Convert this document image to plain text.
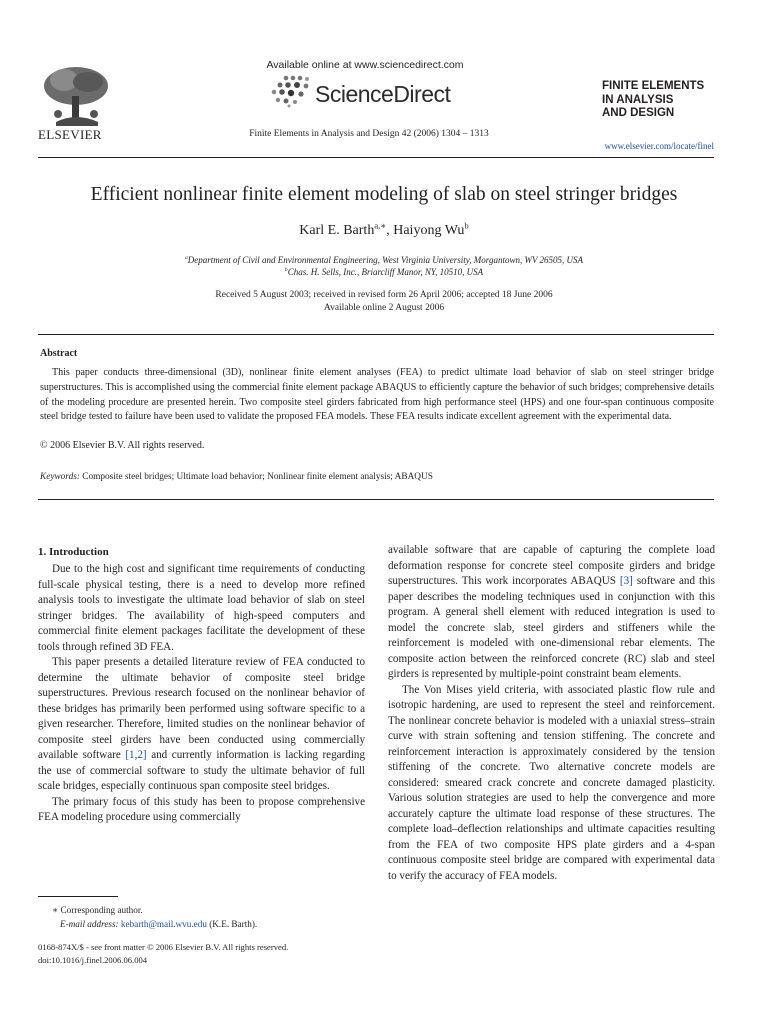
ELSEVIER
Available online at www.sciencedirect.com
ScienceDirect
Finite Elements in Analysis and Design 42 (2006) 1304 – 1313
FINITE ELEMENTS
IN ANALYSIS
AND DESIGN
www.elsevier.com/locate/finel
Efficient nonlinear finite element modeling of slab on steel stringer bridges
Karl E. Barth$^{a,∗}$, Haiyong Wu$^b$
$^a$Department of Civil and Environmental Engineering, West Virginia University, Morgantown, WV 26505, USA
$^b$Chas. H. Sells, Inc., Briarcliff Manor, NY, 10510, USA
Received 5 August 2003; received in revised form 26 April 2006; accepted 18 June 2006
Available online 2 August 2006
Abstract

This paper conducts three-dimensional (3D), nonlinear finite element analyses (FEA) to predict ultimate load behavior of slab on steel stringer bridge superstructures. This is accomplished using the commercial finite element package ABAQUS to efficiently capture the behavior of such bridges; comprehensive details of the modeling procedure are presented herein. Two composite steel girders fabricated from high performance steel (HPS) and one four-span continuous composite steel bridge tested to failure have been used to validate the proposed FEA models. These FEA results indicate excellent agreement with the experimental data.

© 2006 Elsevier B.V. All rights reserved.
Keywords: Composite steel bridges; Ultimate load behavior; Nonlinear finite element analysis; ABAQUS
1. Introduction

Due to the high cost and significant time requirements of conducting full-scale physical testing, there is a need to develop more refined analysis tools to investigate the ultimate load behavior of slab on steel stringer bridges. The availability of high-speed computers and commercial finite element packages facilitate the development of these tools through refined 3D FEA.

This paper presents a detailed literature review of FEA conducted to determine the ultimate behavior of composite steel bridge superstructures. Previous research focused on the nonlinear behavior of these bridges has primarily been performed using software specific to a given researcher. Therefore, limited studies on the nonlinear behavior of composite steel girders have been conducted using commercially available software [1,2] and currently information is lacking regarding the use of commercial software to study the ultimate behavior of full scale bridges, especially continuous span composite steel bridges.

The primary focus of this study has been to propose comprehensive FEA modeling procedure using commercially

available software that are capable of capturing the complete load deformation response for concrete steel composite girders and bridge superstructures. This work incorporates ABAQUS [3] software and this paper describes the modeling techniques used in conjunction with this program. A general shell element with reduced integration is used to model the concrete slab, steel girders and stiffeners while the reinforcement is modeled with one-dimensional rebar elements. The composite action between the reinforced concrete (RC) slab and steel girders is represented by multiple-point constraint beam elements.

The Von Mises yield criteria, with associated plastic flow rule and isotropic hardening, are used to represent the steel and reinforcement. The nonlinear concrete behavior is modeled with a uniaxial stress–strain curve with strain softening and tension stiffening. The concrete and reinforcement interaction is approximately considered by the tension stiffening of the concrete. Two alternative concrete models are considered: smeared crack concrete and concrete damaged plasticity. Various solution strategies are used to help the convergence and more accurately capture the ultimate load response of these structures. The complete load–deflection relationships and ultimate capacities resulting from the FEA of two composite HPS plate girders and a 4-span continuous composite steel bridge are compared with experimental data to verify the accuracy of FEA models.

∗ Corresponding author.
E-mail address: kebarth@mail.wvu.edu (K.E. Barth).
0168-874X/$ - see front matter © 2006 Elsevier B.V. All rights reserved.
doi:10.1016/j.finel.2006.06.004
